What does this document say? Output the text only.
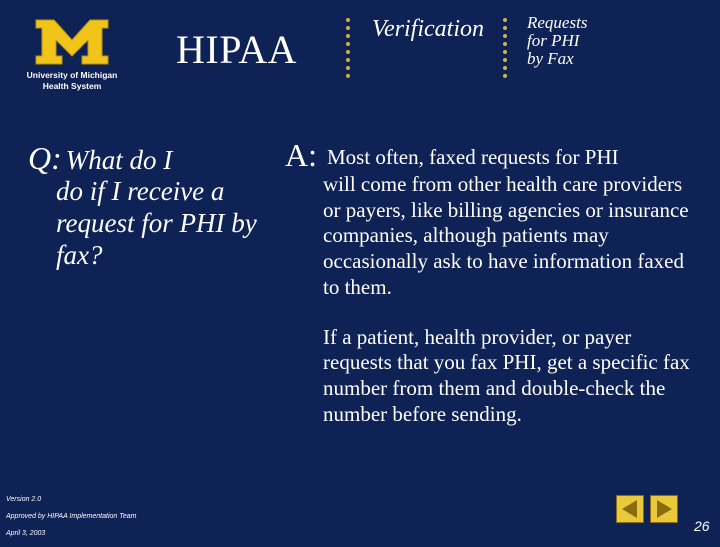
University of Michigan
Health System
HIPAA	Verification	Requests
for PHI
by Fax
Q: What do I
do if I receive a request for PHI by fax?
A: Most often, faxed requests for PHI
will come from other health care providers or payers, like billing agencies or insurance companies, although patients may occasionally ask to have information faxed to them.
If a patient, health provider, or payer requests that you fax PHI, get a specific fax number from them and double-check the number before sending.
Version 2.0
Approved by HIPAA Implementation Team
April 3, 2003	26
